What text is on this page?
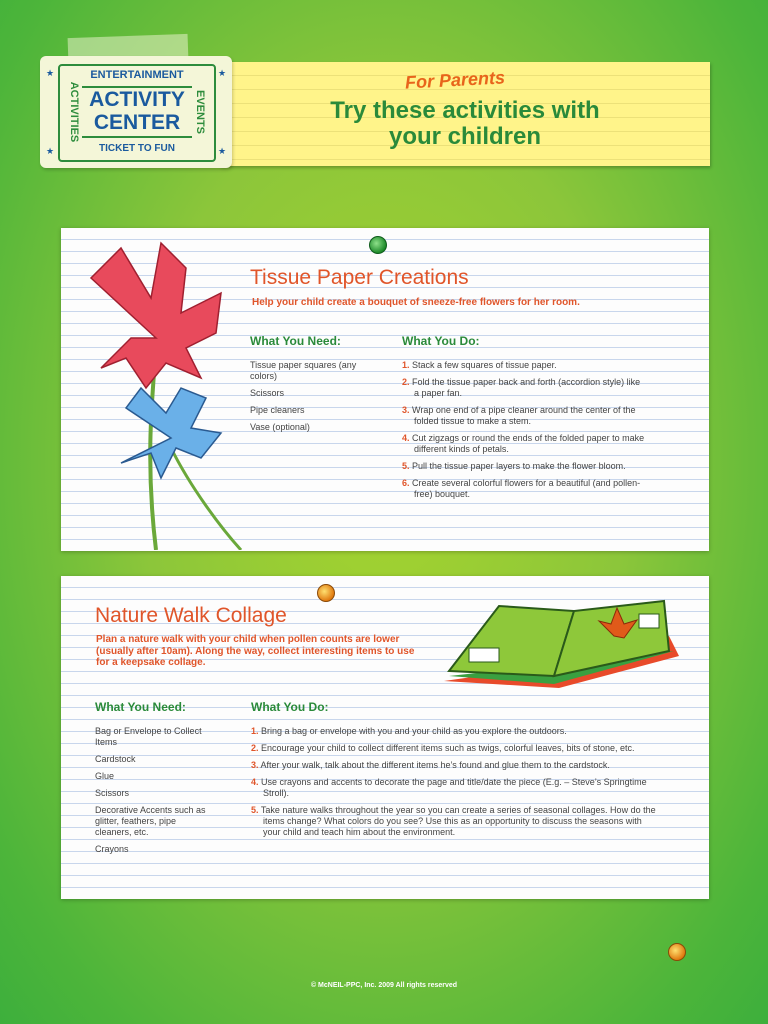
ENTERTAINMENT
ACTIVITY
CENTER
TICKET TO FUN
ACTIVITIES	EVENTS
★
★
★
★
For Parents
Try these activities with
your children
Tissue Paper Creations
Help your child create a bouquet of sneeze-free flowers for her room.
What You Need:	What You Do:
Tissue paper squares (any colors)
Scissors
Pipe cleaners
Vase (optional)
1. Stack a few squares of tissue paper.
2. Fold the tissue paper back and forth (accordion style) like a paper fan.
3. Wrap one end of a pipe cleaner around the center of the folded tissue to make a stem.
4. Cut zigzags or round the ends of the folded paper to make different kinds of petals.
5. Pull the tissue paper layers to make the flower bloom.
6. Create several colorful flowers for a beautiful (and pollen-free) bouquet.
Nature Walk Collage
Plan a nature walk with your child when pollen counts are lower (usually after 10am). Along the way, collect interesting items to use for a keepsake collage.
What You Need:	What You Do:
Bag or Envelope to Collect Items
Cardstock
Glue
Scissors
Decorative Accents such as glitter, feathers, pipe cleaners, etc.
Crayons
1. Bring a bag or envelope with you and your child as you explore the outdoors.
2. Encourage your child to collect different items such as twigs, colorful leaves, bits of stone, etc.
3. After your walk, talk about the different items he’s found and glue them to the cardstock.
4. Use crayons and accents to decorate the page and title/date the piece (E.g. – Steve’s Springtime Stroll).
5. Take nature walks throughout the year so you can create a series of seasonal collages. How do the items change? What colors do you see? Use this as an opportunity to discuss the seasons with your child and teach him about the environment.
© McNEIL-PPC, Inc. 2009 All rights reserved
